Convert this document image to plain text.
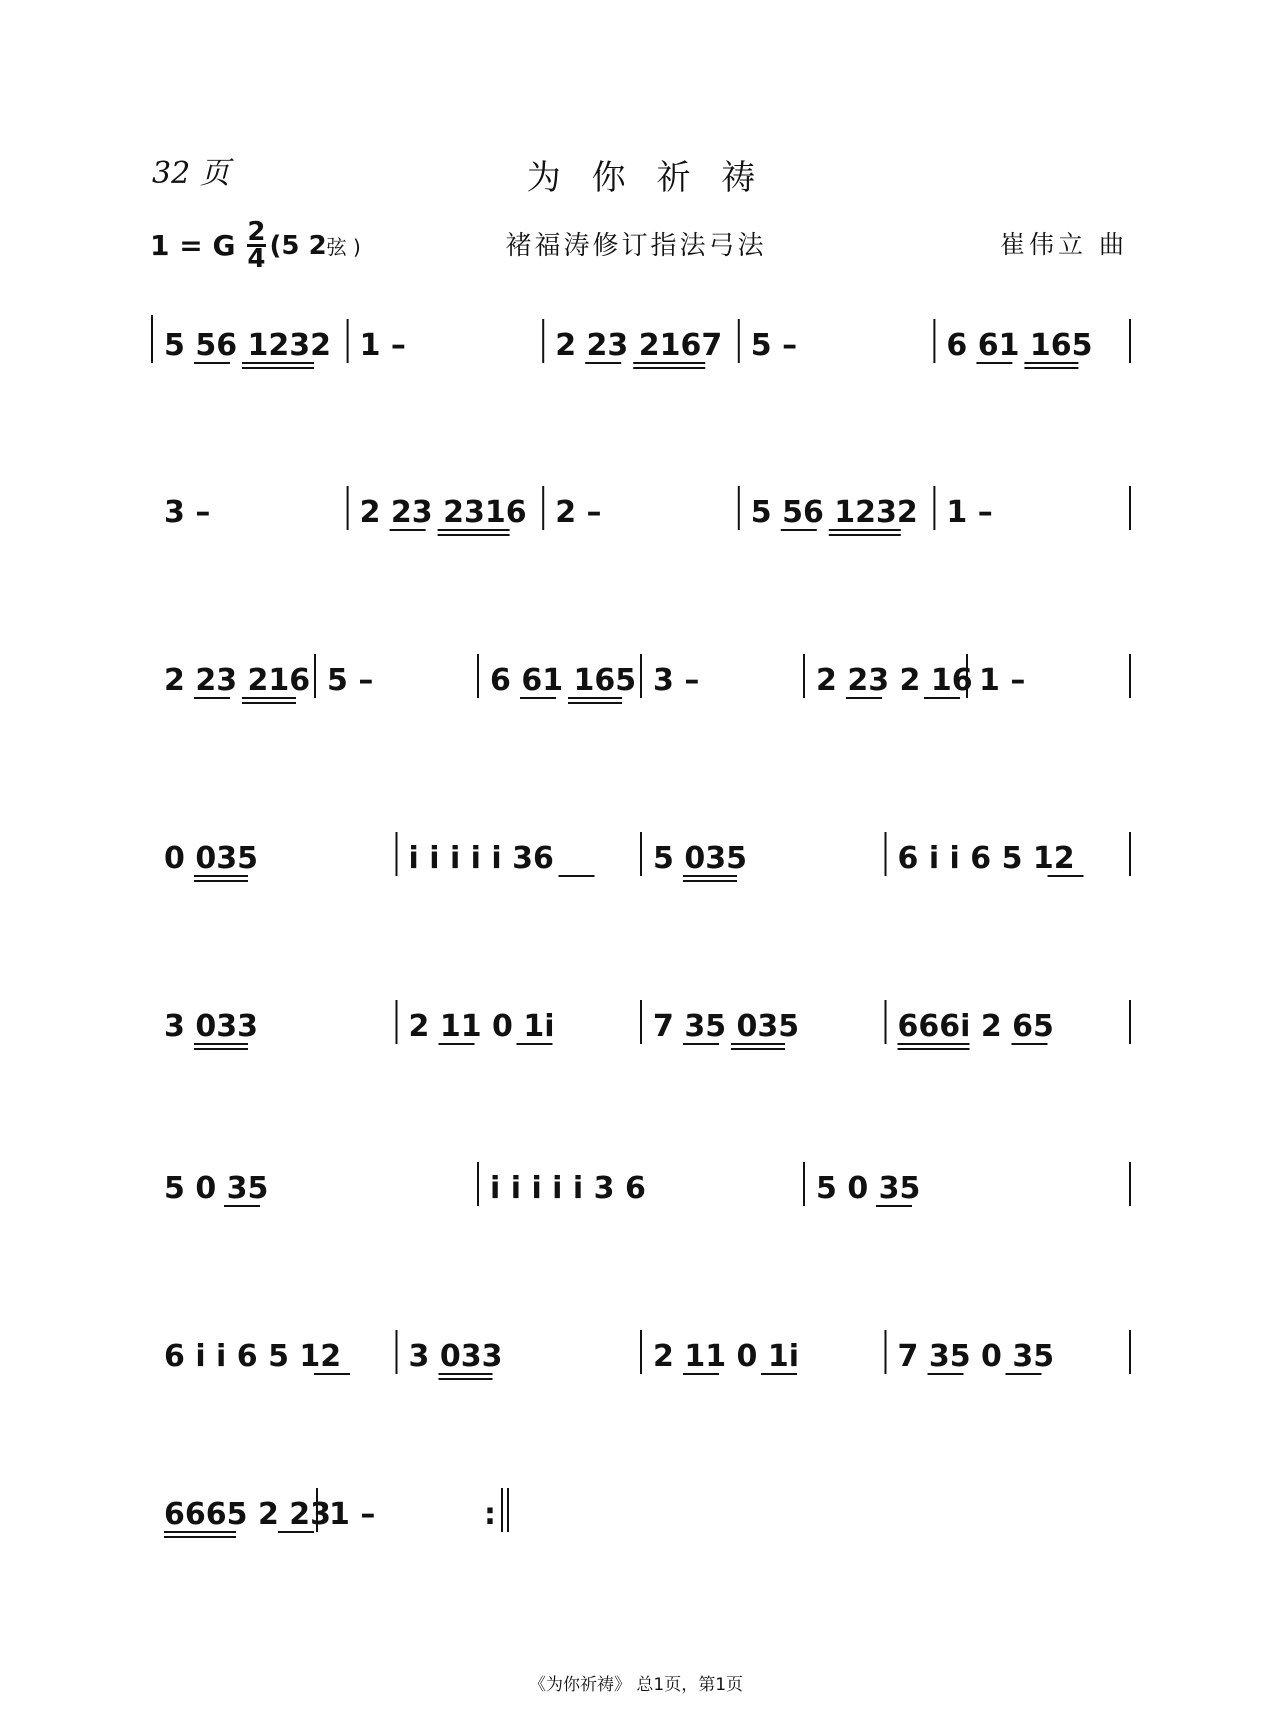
32 页	为 你 祈 祷
1 = G 2
4 (5 2弦 )	褚福涛修订指法弓法	崔伟立 曲
5 56 1232 1 –	2 23 2167 5 –	6 61 165
3 –	2 23 2316 2 –	5 56 1232 1 –
2 23 216 5 –	6 61 165 3 –	2 23 2 16 1 –
0 035	i i i i i 36	5 035	6 i i 6 5 12
3 033	2 11 0 1i	7 35 035	666i 2 65
5 0 35	i i i i i 3 6	5 0 35
6 i i 6 5 12 3 033	2 11 0 1i	7 35 0 35
6665 2 23
1 –	:
《为你祈祷》 总1页，第1页
